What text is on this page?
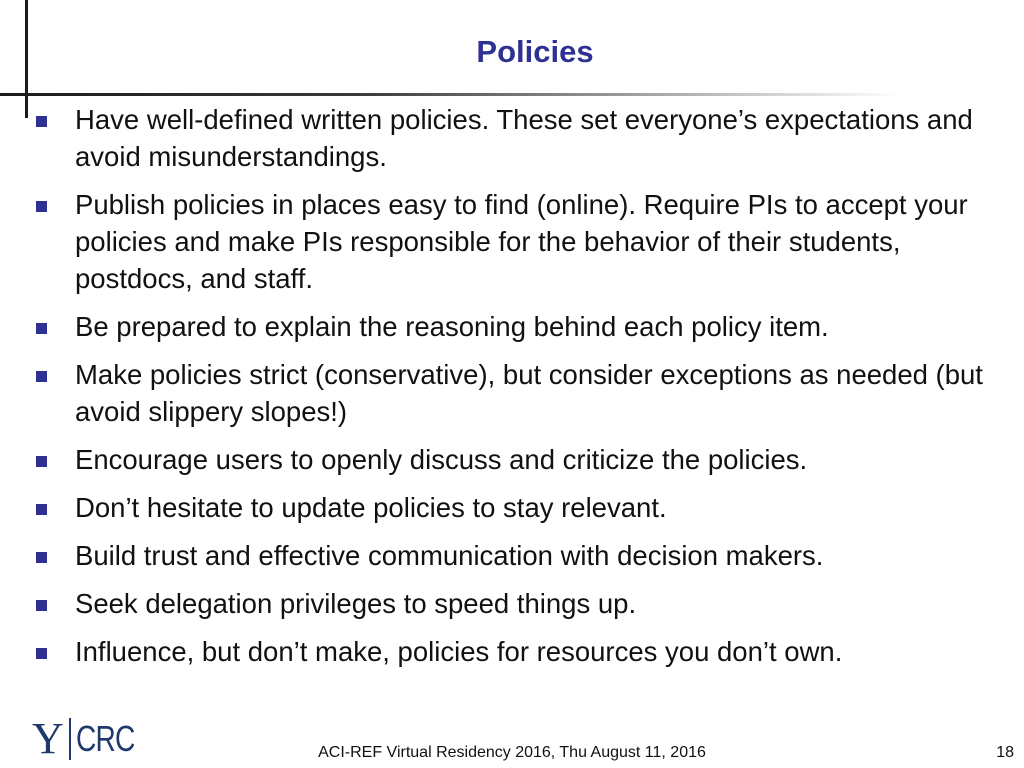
Policies
Have well-defined written policies. These set everyone’s expectations and avoid misunderstandings.
Publish policies in places easy to find (online). Require PIs to accept your policies and make PIs responsible for the behavior of their students, postdocs, and staff.
Be prepared to explain the reasoning behind each policy item.
Make policies strict (conservative), but consider exceptions as needed (but avoid slippery slopes!)
Encourage users to openly discuss and criticize the policies.
Don’t hesitate to update policies to stay relevant.
Build trust and effective communication with decision makers.
Seek delegation privileges to speed things up.
Influence, but don’t make, policies for resources you don’t own.
Y CRC	ACI-REF Virtual Residency 2016, Thu August 11, 2016	18
